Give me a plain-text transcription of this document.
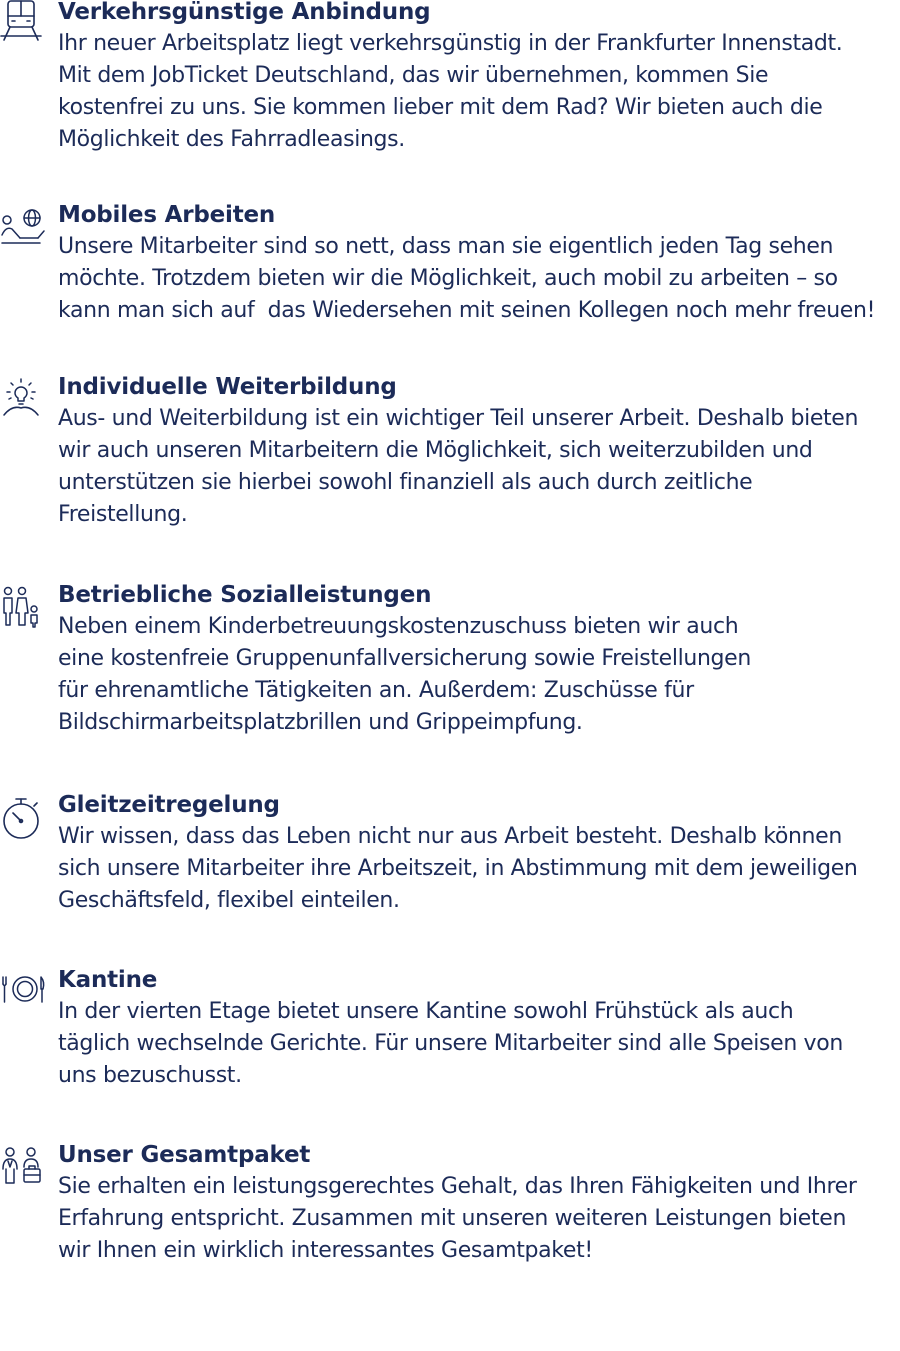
Verkehrsgünstige Anbindung
Ihr neuer Arbeitsplatz liegt verkehrsgünstig in der Frankfurter Innenstadt.
Mit dem JobTicket Deutschland, das wir übernehmen, kommen Sie
kostenfrei zu uns. Sie kommen lieber mit dem Rad? Wir bieten auch die
Möglichkeit des Fahrradleasings.
Mobiles Arbeiten
Unsere Mitarbeiter sind so nett, dass man sie eigentlich jeden Tag sehen
möchte. Trotzdem bieten wir die Möglichkeit, auch mobil zu arbeiten – so
kann man sich auf  das Wiedersehen mit seinen Kollegen noch mehr freuen!
Individuelle Weiterbildung
Aus- und Weiterbildung ist ein wichtiger Teil unserer Arbeit. Deshalb bieten
wir auch unseren Mitarbeitern die Möglichkeit, sich weiterzubilden und
unterstützen sie hierbei sowohl finanziell als auch durch zeitliche
Freistellung.
Betriebliche Sozialleistungen
Neben einem Kinderbetreuungskostenzuschuss bieten wir auch
eine kostenfreie Gruppenunfallversicherung sowie Freistellungen
für ehrenamtliche Tätigkeiten an. Außerdem: Zuschüsse für
Bildschirmarbeitsplatzbrillen und Grippeimpfung.
Gleitzeitregelung
Wir wissen, dass das Leben nicht nur aus Arbeit besteht. Deshalb können
sich unsere Mitarbeiter ihre Arbeitszeit, in Abstimmung mit dem jeweiligen
Geschäftsfeld, flexibel einteilen.
Kantine
In der vierten Etage bietet unsere Kantine sowohl Frühstück als auch
täglich wechselnde Gerichte. Für unsere Mitarbeiter sind alle Speisen von
uns bezuschusst.
Unser Gesamtpaket
Sie erhalten ein leistungsgerechtes Gehalt, das Ihren Fähigkeiten und Ihrer
Erfahrung entspricht. Zusammen mit unseren weiteren Leistungen bieten
wir Ihnen ein wirklich interessantes Gesamtpaket!
